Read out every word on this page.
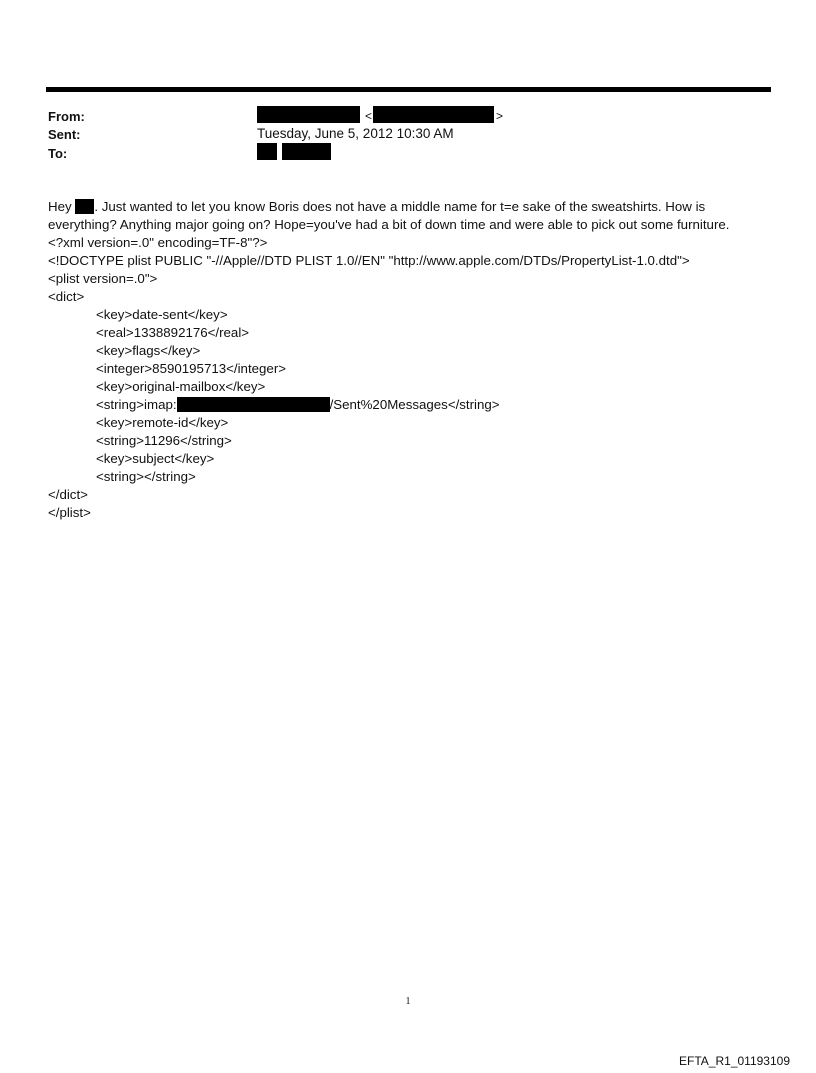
From:
Sent:
To:
<	>
Tuesday, June 5, 2012 10:30 AM
Hey . Just wanted to let you know Boris does not have a middle name for t=e sake of the sweatshirts. How is
everything? Anything major going on? Hope=you've had a bit of down time and were able to pick out some furniture.
<?xml version=.0" encoding=TF-8"?>
<!DOCTYPE plist PUBLIC "-//Apple//DTD PLIST 1.0//EN" "http://www.apple.com/DTDs/PropertyList-1.0.dtd">
<plist version=.0">
<dict>
<key>date-sent</key>
<real>1338892176</real>
<key>flags</key>
<integer>8590195713</integer>
<key>original-mailbox</key>
<string>imap:	/Sent%20Messages</string>
<key>remote-id</key>
<string>11296</string>
<key>subject</key>
<string></string>
</dict>
</plist>
1
EFTA_R1_01193109
